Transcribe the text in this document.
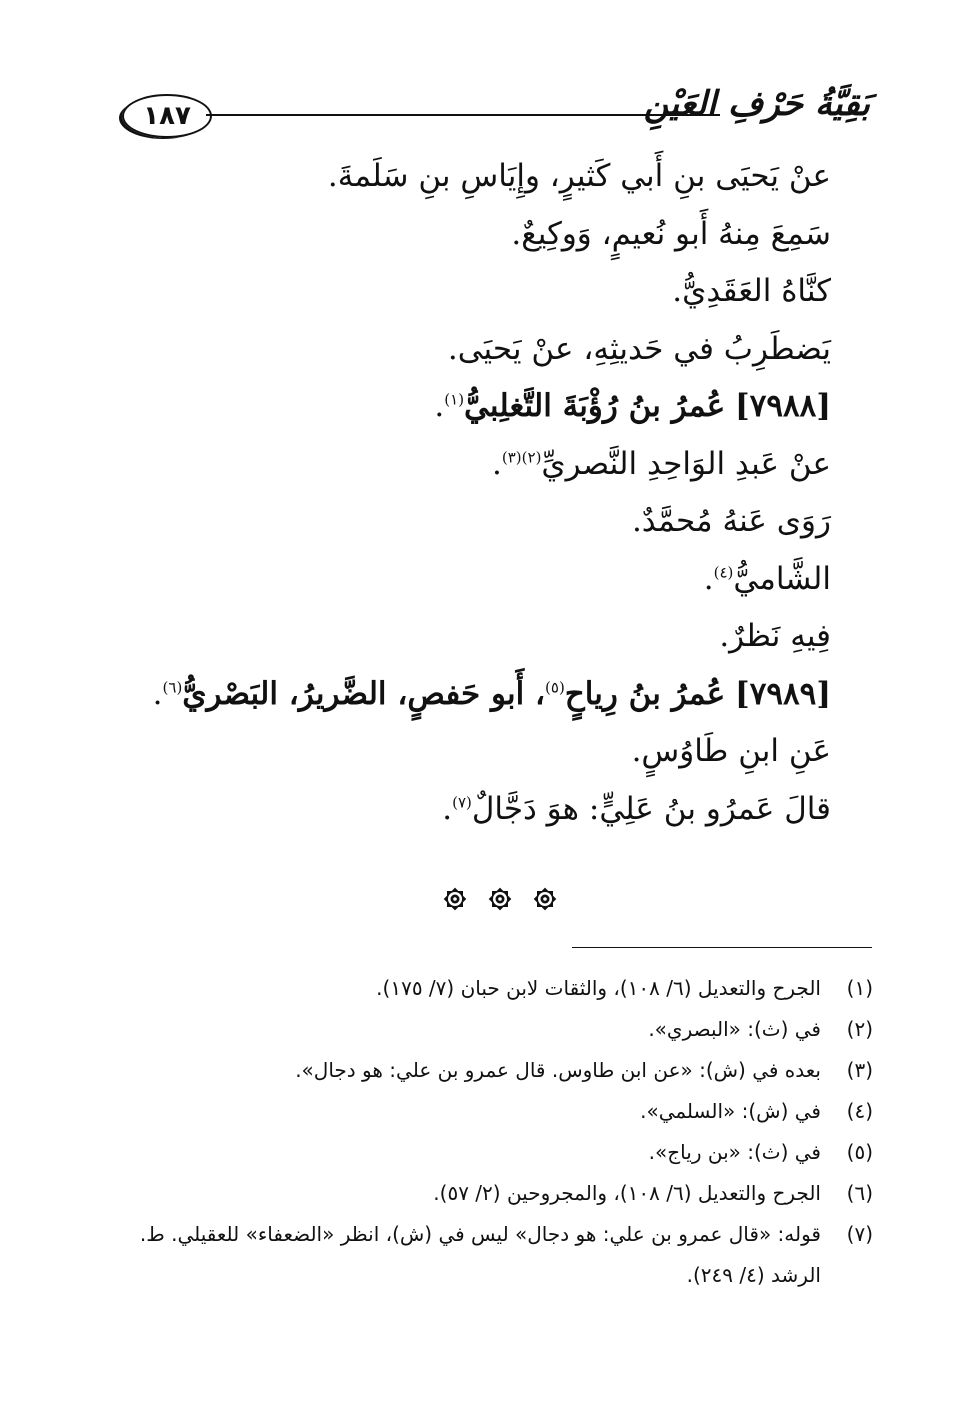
١٨٧	بَقِيَّةُ حَرْفِ العَيْنِ
عنْ يَحيَى بنِ أَبي كَثيرٍ، وإِيَاسِ بنِ سَلَمةَ.
سَمِعَ مِنهُ أَبو نُعيمٍ، وَوكِيعٌ.
كنَّاهُ العَقَدِيُّ.
يَضطَرِبُ في حَديثِهِ، عنْ يَحيَى.
[٧٩٨٨] عُمرُ بنُ رُؤْبَةَ التَّغلِبيُّ$^{(١)}$.
عنْ عَبدِ الوَاحِدِ النَّصريِّ$^{(٢)(٣)}$.
رَوَى عَنهُ مُحمَّدٌ.
الشَّاميُّ$^{(٤)}$.
فِيهِ نَظرٌ.
[٧٩٨٩] عُمرُ بنُ رِياحٍ$^{(٥)}$، أَبو حَفصٍ، الضَّريرُ، البَصْريُّ$^{(٦)}$.
عَنِ ابنِ طَاوُسٍ.
قالَ عَمرُو بنُ عَلِيٍّ: هوَ دَجَّالٌ$^{(٧)}$.
(١)
الجرح والتعديل (٦/ ١٠٨)، والثقات لابن حبان (٧/ ١٧٥).
(٢)
في (ث): «البصري».
(٣)
بعده في (ش): «عن ابن طاوس. قال عمرو بن علي: هو دجال».
(٤)
في (ش): «السلمي».
(٥)
في (ث): «بن رياج».
(٦)
الجرح والتعديل (٦/ ١٠٨)، والمجروحين (٢/ ٥٧).
(٧)
قوله: «قال عمرو بن علي: هو دجال» ليس في (ش)، انظر «الضعفاء» للعقيلي. ط. الرشد (٤/ ٢٤٩).
